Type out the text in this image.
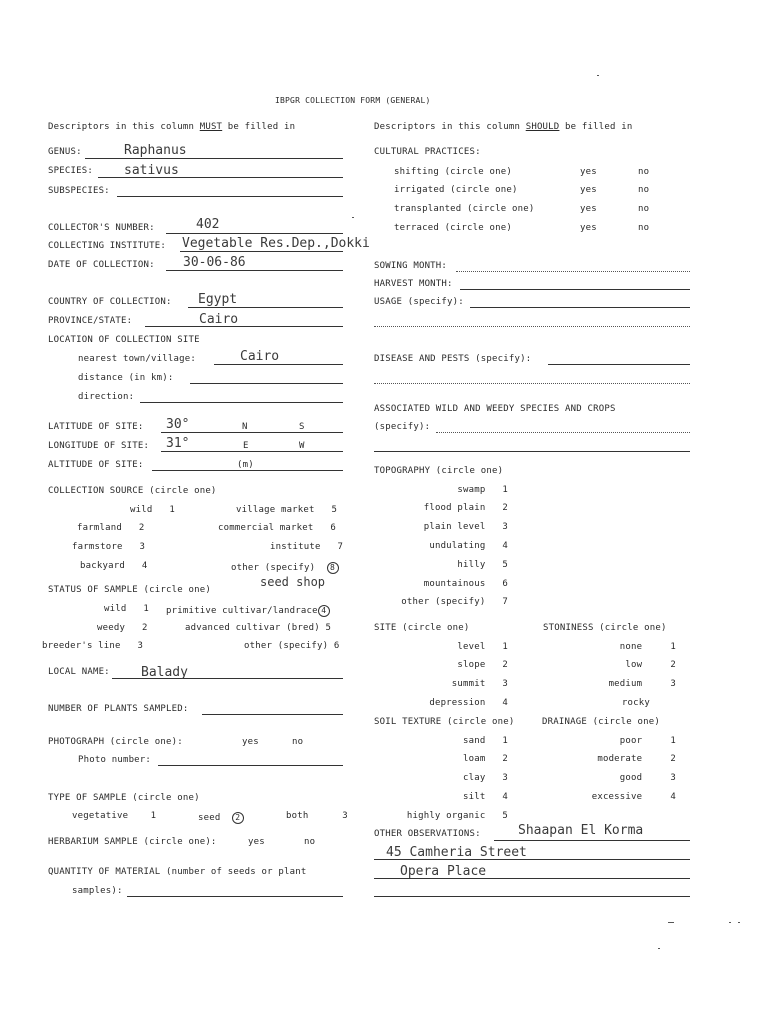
IBPGR COLLECTION FORM (GENERAL)
Descriptors in this column MUST be filled in	Descriptors in this column SHOULD be filled in
GENUS:	Raphanus
SPECIES: sativus
SUBSPECIES:
COLLECTOR'S NUMBER:	402
COLLECTING INSTITUTE: Vegetable Res.Dep.,Dokki
DATE OF COLLECTION: 30-06-86
COUNTRY OF COLLECTION: Egypt
PROVINCE/STATE:	Cairo
LOCATION OF COLLECTION SITE
nearest town/village:	Cairo
distance (in km):
direction:
LATITUDE OF SITE: 30°	N	S
LONGITUDE OF SITE: 31°	E	W
ALTITUDE OF SITE:	(m)
COLLECTION SOURCE (circle one)
wild 1
farmland 2
farmstore 3
backyard 4
village market 5
commercial market 6
institute 7
other (specify) 8
seed shop
STATUS OF SAMPLE (circle one)
wild 1 primitive cultivar/landrace 4
weedy 2	advanced cultivar (bred) 5
breeder's line 3	other (specify) 6
LOCAL NAME: Balady
NUMBER OF PLANTS SAMPLED:
PHOTOGRAPH (circle one):	yes	no
Photo number:
TYPE OF SAMPLE (circle one)
vegetative 1	seed 2	both	3
HERBARIUM SAMPLE (circle one):	yes	no
QUANTITY OF MATERIAL (number of seeds or plant
samples):
CULTURAL PRACTICES:
shifting (circle one)	yes	no
irrigated (circle one)	yes	no
transplanted (circle one)	yes	no
terraced (circle one)	yes	no
SOWING MONTH:
HARVEST MONTH:
USAGE (specify):
DISEASE AND PESTS (specify):
ASSOCIATED WILD AND WEEDY SPECIES AND CROPS
(specify):
TOPOGRAPHY (circle one)
swamp 1
flood plain 2
plain level 3
undulating 4
hilly 5
mountainous 6
other (specify) 7
SITE (circle one)	STONINESS (circle one)
level 1
slope 2
summit 3
depression 4
none	1
low	2
medium	3
rocky
SOIL TEXTURE (circle one)	DRAINAGE (circle one)
sand 1
loam 2
clay 3
silt 4
highly organic 5
poor	1
moderate	2
good	3
excessive	4
OTHER OBSERVATIONS:	Shaapan El Korma
45 Camheria Street
Opera Place
